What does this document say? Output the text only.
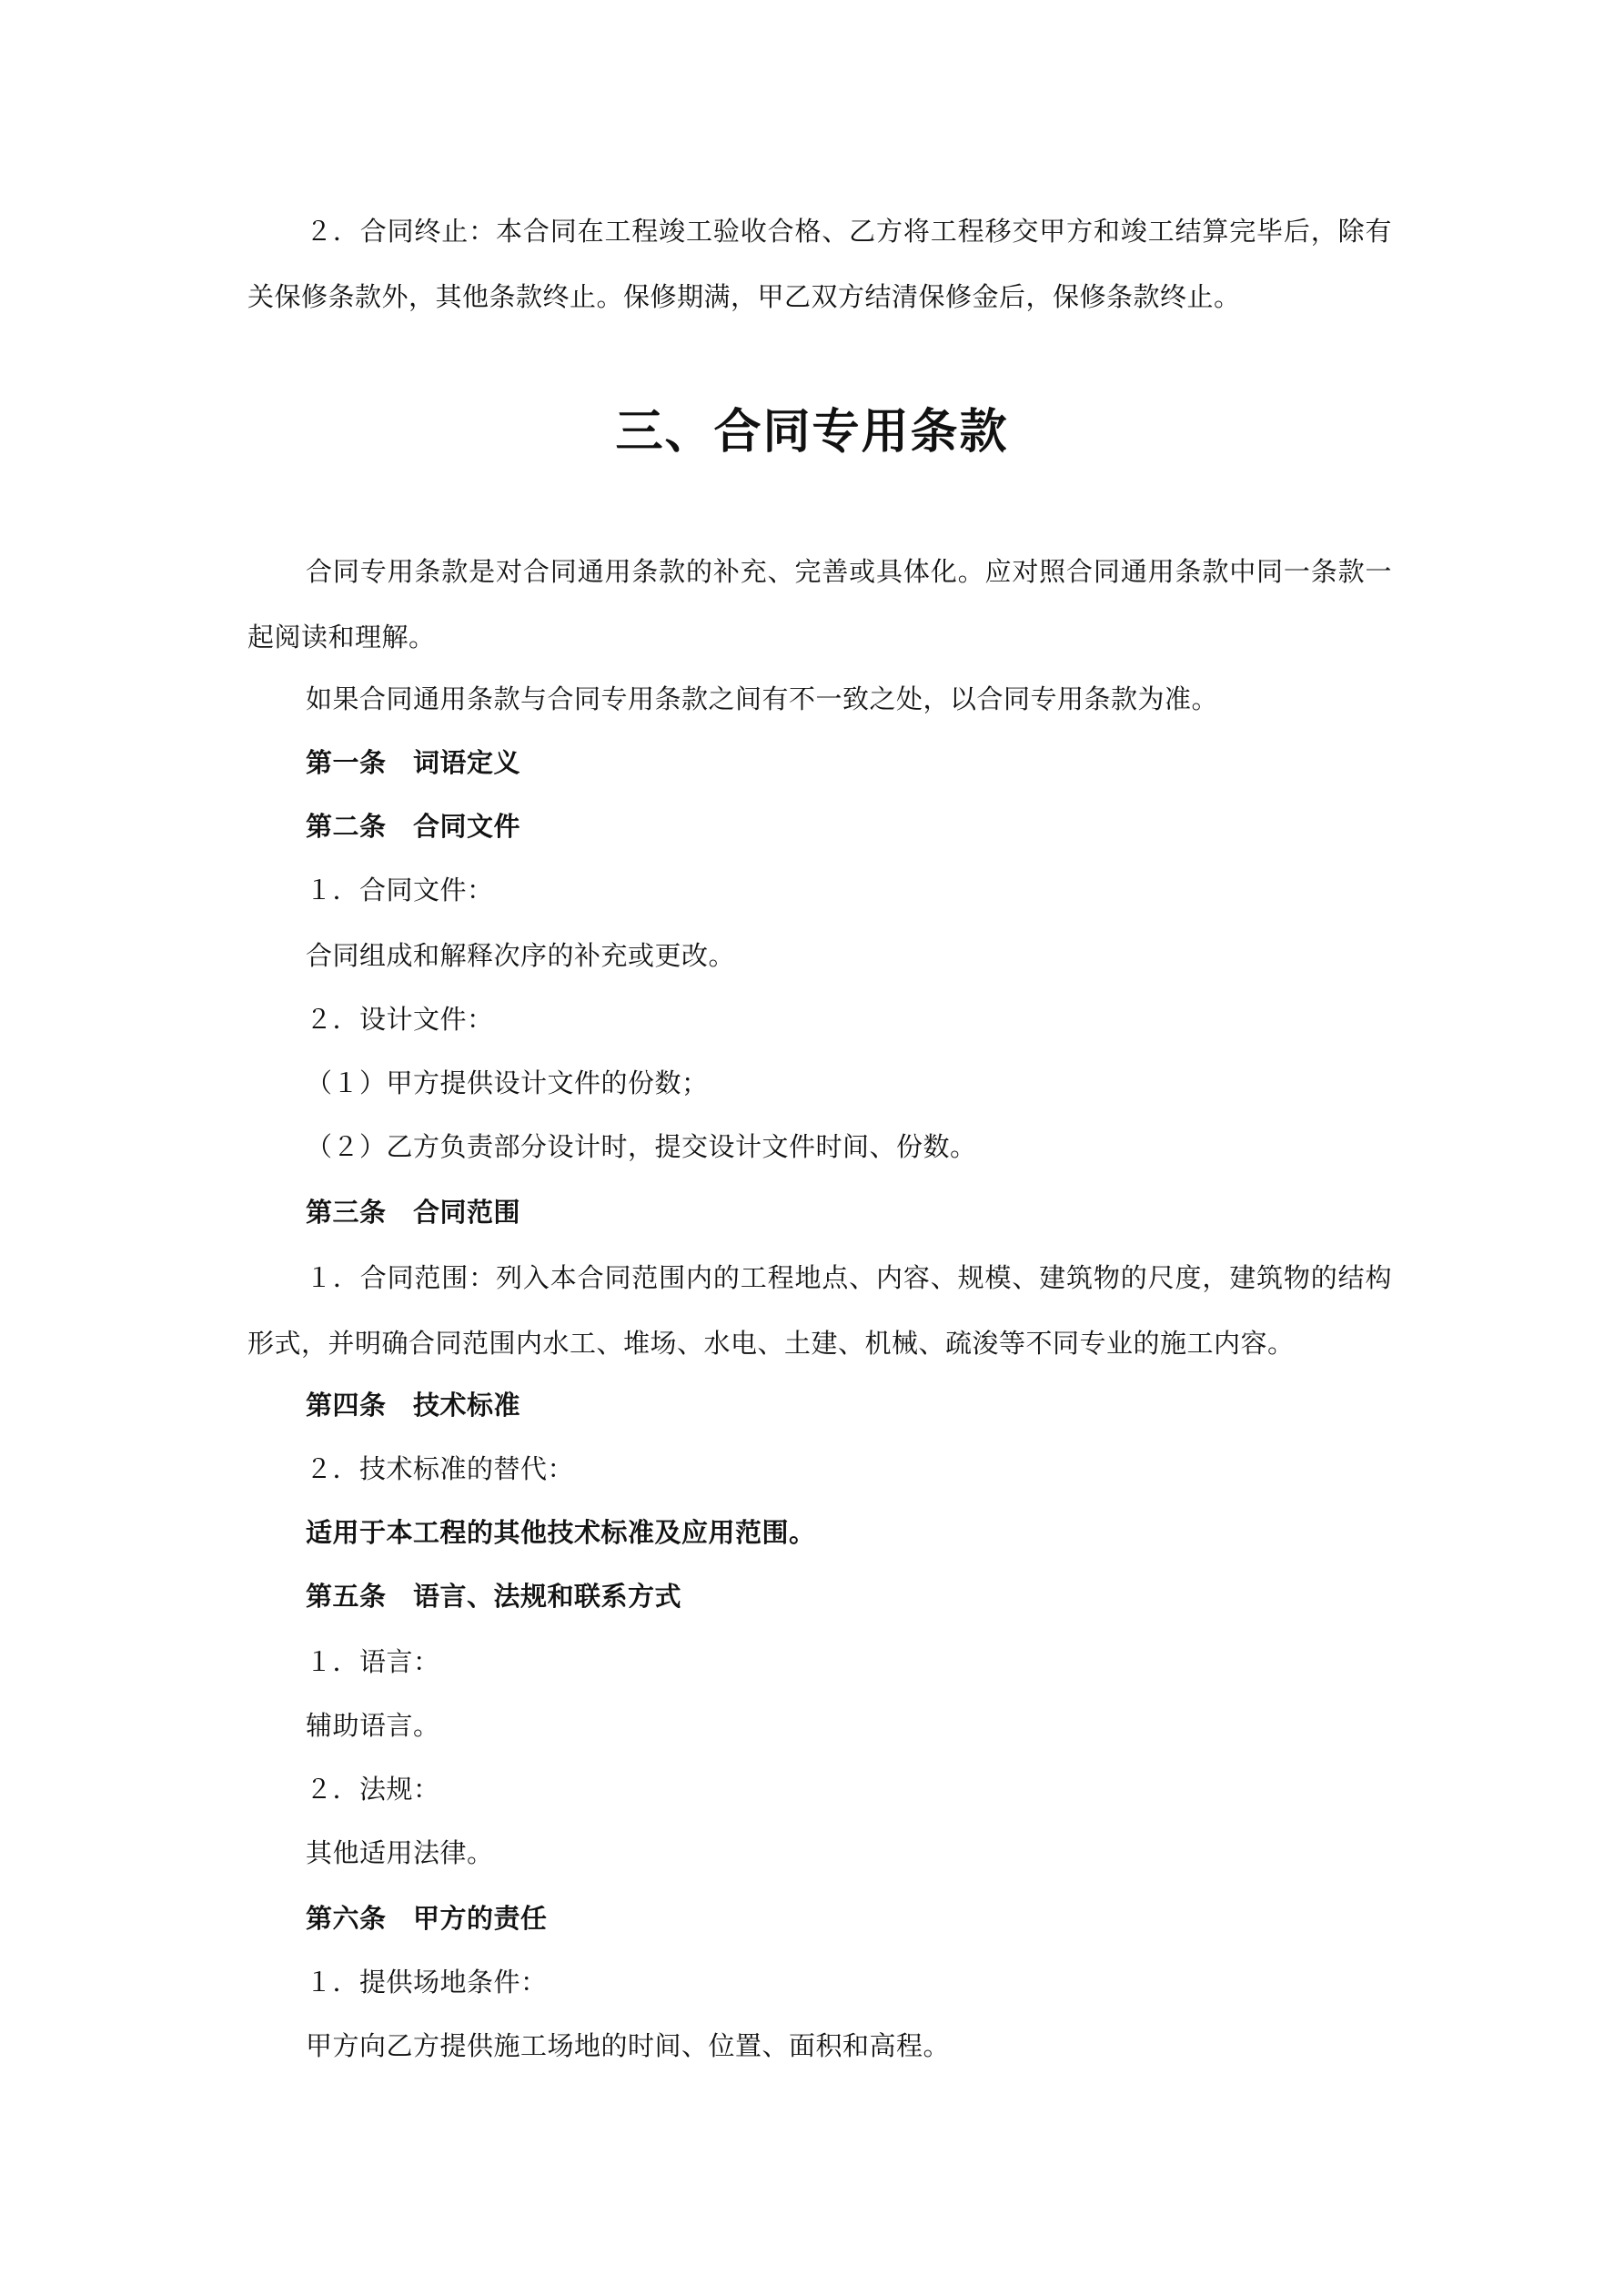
２．合同终止：本合同在工程竣工验收合格、乙方将工程移交甲方和竣工结算完毕后，除有关保修条款外，其他条款终止。保修期满，甲乙双方结清保修金后，保修条款终止。

三、合同专用条款

合同专用条款是对合同通用条款的补充、完善或具体化。应对照合同通用条款中同一条款一起阅读和理解。

如果合同通用条款与合同专用条款之间有不一致之处，以合同专用条款为准。

第一条　词语定义

第二条　合同文件

１．合同文件：

合同组成和解释次序的补充或更改。

２．设计文件：

（１）甲方提供设计文件的份数；

（２）乙方负责部分设计时，提交设计文件时间、份数。

第三条　合同范围

１．合同范围：列入本合同范围内的工程地点、内容、规模、建筑物的尺度，建筑物的结构形式，并明确合同范围内水工、堆场、水电、土建、机械、疏浚等不同专业的施工内容。

第四条　技术标准

２．技术标准的替代：

适用于本工程的其他技术标准及应用范围。

第五条　语言、法规和联系方式

１．语言：

辅助语言。

２．法规：

其他适用法律。

第六条　甲方的责任

１．提供场地条件：

甲方向乙方提供施工场地的时间、位置、面积和高程。
